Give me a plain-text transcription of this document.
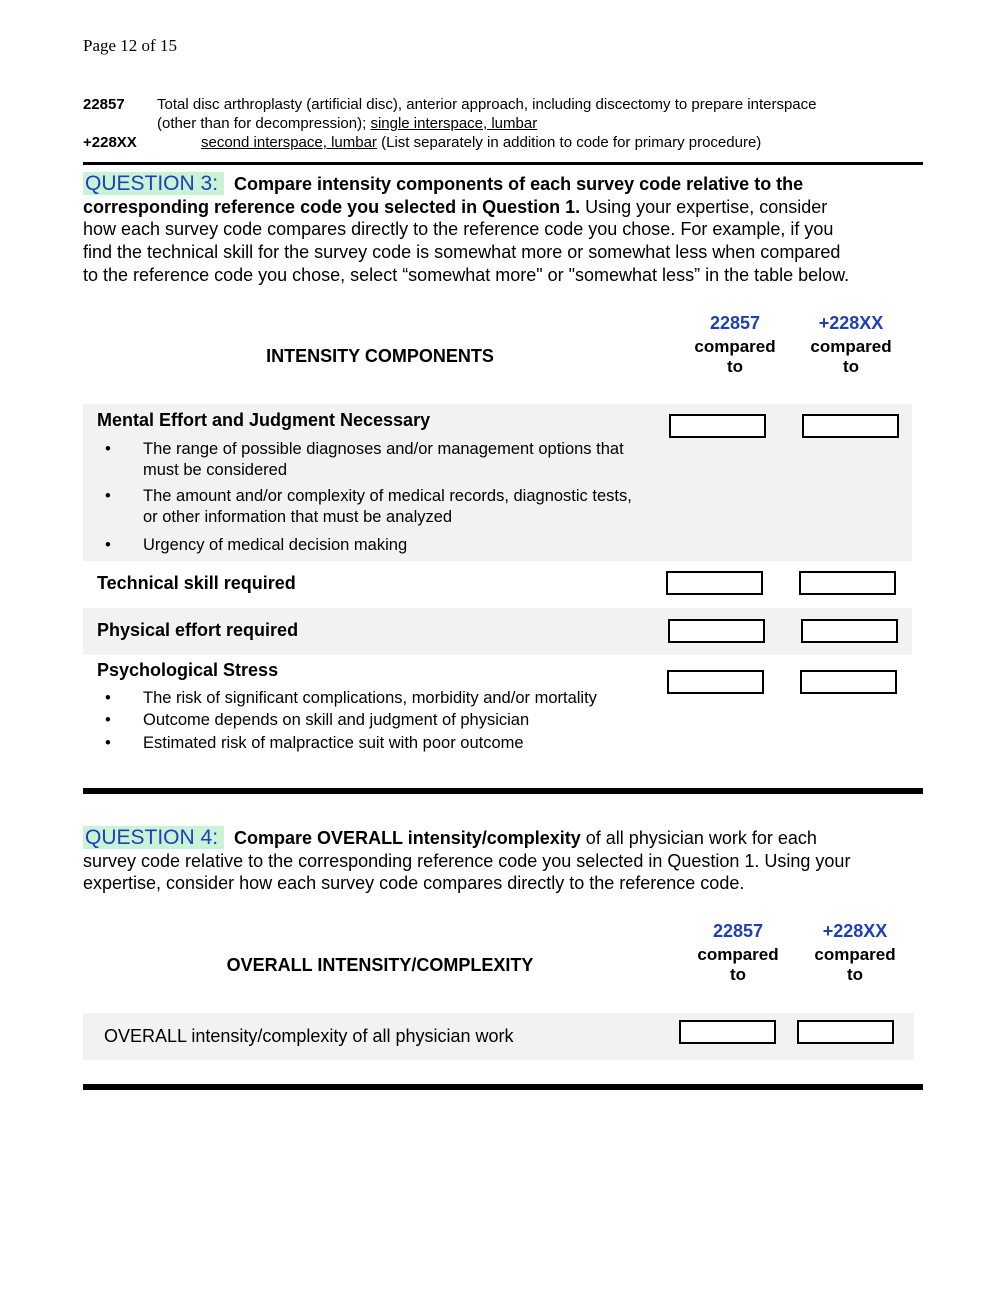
Page 12 of 15
22857 Total disc arthroplasty (artificial disc), anterior approach, including discectomy to prepare interspace
(other than for decompression); single interspace, lumbar
+228XX	second interspace, lumbar (List separately in addition to code for primary procedure)
QUESTION 3: Compare intensity components of each survey code relative to the
corresponding reference code you selected in Question 1. Using your expertise, consider
how each survey code compares directly to the reference code you chose. For example, if you
find the technical skill for the survey code is somewhat more or somewhat less when compared
to the reference code you chose, select “somewhat more" or "somewhat less” in the table below.
INTENSITY COMPONENTS
22857
compared
to
+228XX
compared
to
Mental Effort and Judgment Necessary
• The range of possible diagnoses and/or management options that
must be considered
• The amount and/or complexity of medical records, diagnostic tests,
or other information that must be analyzed
• Urgency of medical decision making
Technical skill required
Physical effort required
Psychological Stress
• The risk of significant complications, morbidity and/or mortality
• Outcome depends on skill and judgment of physician
• Estimated risk of malpractice suit with poor outcome
QUESTION 4: Compare OVERALL intensity/complexity of all physician work for each
survey code relative to the corresponding reference code you selected in Question 1. Using your
expertise, consider how each survey code compares directly to the reference code.
OVERALL INTENSITY/COMPLEXITY
22857
compared
to
+228XX
compared
to
OVERALL intensity/complexity of all physician work
